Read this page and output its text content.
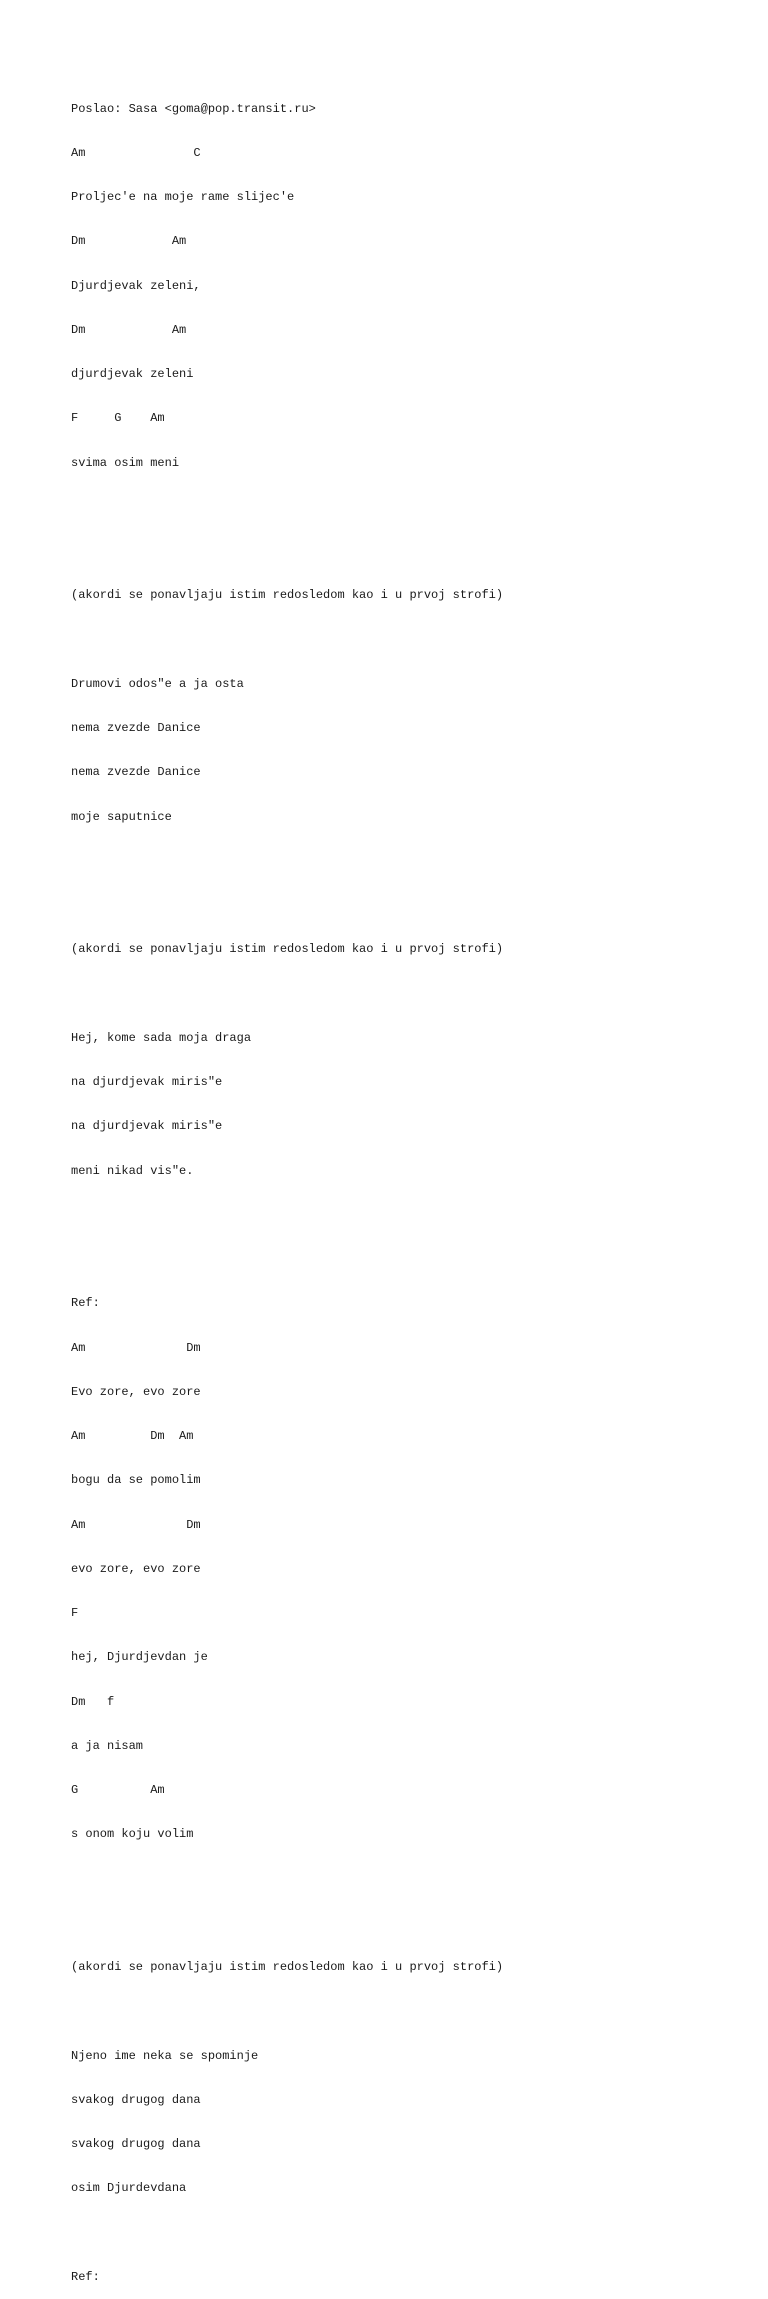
Poslao: Sasa <goma@pop.transit.ru>

Am               C

Proljec'e na moje rame slijec'e

Dm            Am

Djurdjevak zeleni,

Dm            Am

djurdjevak zeleni

F     G    Am

svima osim meni

(akordi se ponavljaju istim redosledom kao i u prvoj strofi)

Drumovi odos"e a ja osta

nema zvezde Danice

nema zvezde Danice

moje saputnice

(akordi se ponavljaju istim redosledom kao i u prvoj strofi)

Hej, kome sada moja draga

na djurdjevak miris"e

na djurdjevak miris"e

meni nikad vis"e.

Ref:

Am              Dm

Evo zore, evo zore

Am         Dm  Am

bogu da se pomolim

Am              Dm

evo zore, evo zore

F

hej, Djurdjevdan je

Dm   f

a ja nisam

G          Am

s onom koju volim

(akordi se ponavljaju istim redosledom kao i u prvoj strofi)

Njeno ime neka se spominje

svakog drugog dana

svakog drugog dana

osim Djurdevdana

Ref:
